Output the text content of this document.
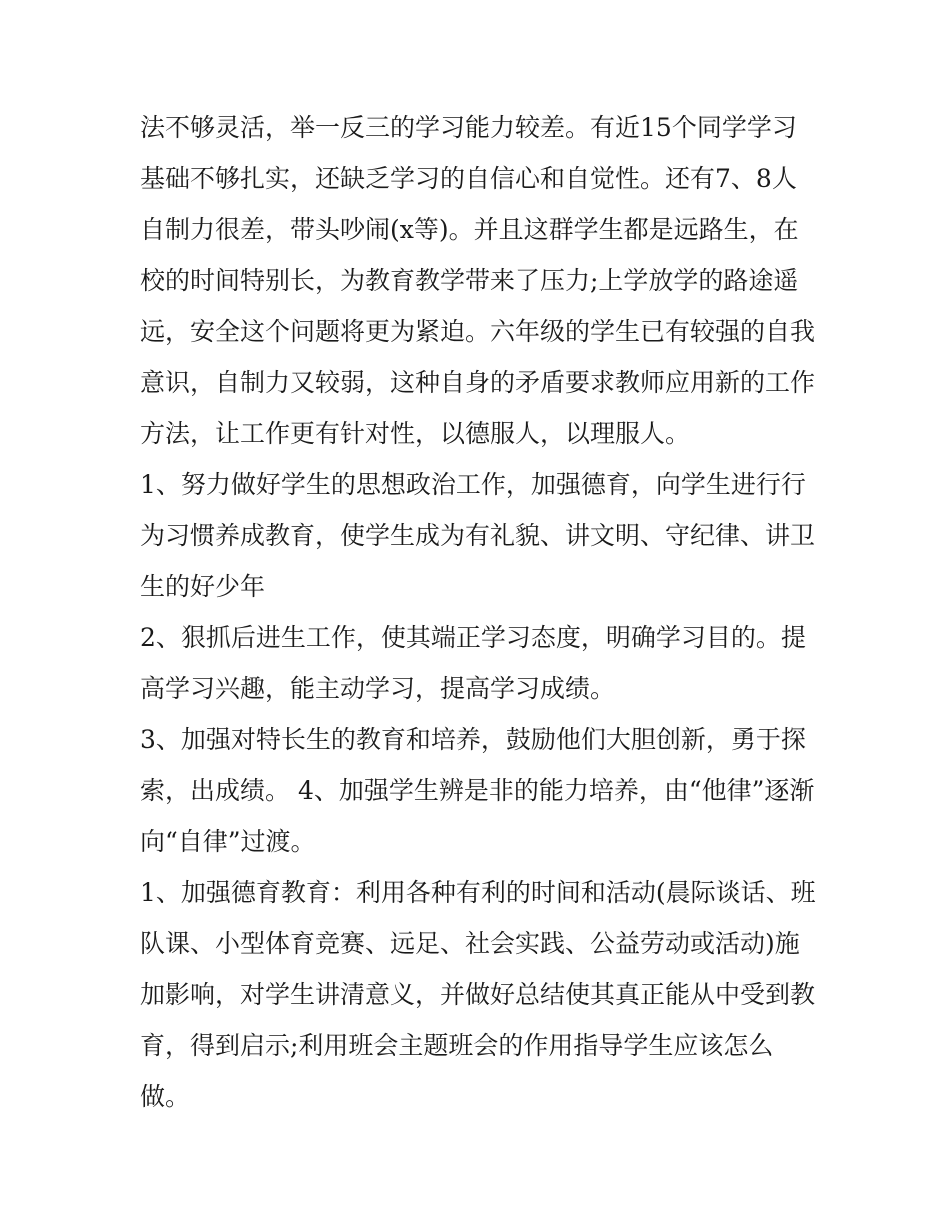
法不够灵活，举一反三的学习能力较差。有近15个同学学习
基础不够扎实，还缺乏学习的自信心和自觉性。还有7、8人
自制力很差，带头吵闹(x等)。并且这群学生都是远路生，在
校的时间特别长，为教育教学带来了压力;上学放学的路途遥
远，安全这个问题将更为紧迫。六年级的学生已有较强的自我
意识，自制力又较弱，这种自身的矛盾要求教师应用新的工作
方法，让工作更有针对性，以德服人，以理服人。
1、努力做好学生的思想政治工作，加强德育，向学生进行行
为习惯养成教育，使学生成为有礼貌、讲文明、守纪律、讲卫
生的好少年
2、狠抓后进生工作，使其端正学习态度，明确学习目的。提
高学习兴趣，能主动学习，提高学习成绩。
3、加强对特长生的教育和培养，鼓励他们大胆创新，勇于探
索，出成绩。 4、加强学生辨是非的能力培养，由“他律”逐渐
向“自律”过渡。
1、加强德育教育：利用各种有利的时间和活动(晨际谈话、班
队课、小型体育竞赛、远足、社会实践、公益劳动或活动)施
加影响，对学生讲清意义，并做好总结使其真正能从中受到教
育，得到启示;利用班会主题班会的作用指导学生应该怎么
做。
